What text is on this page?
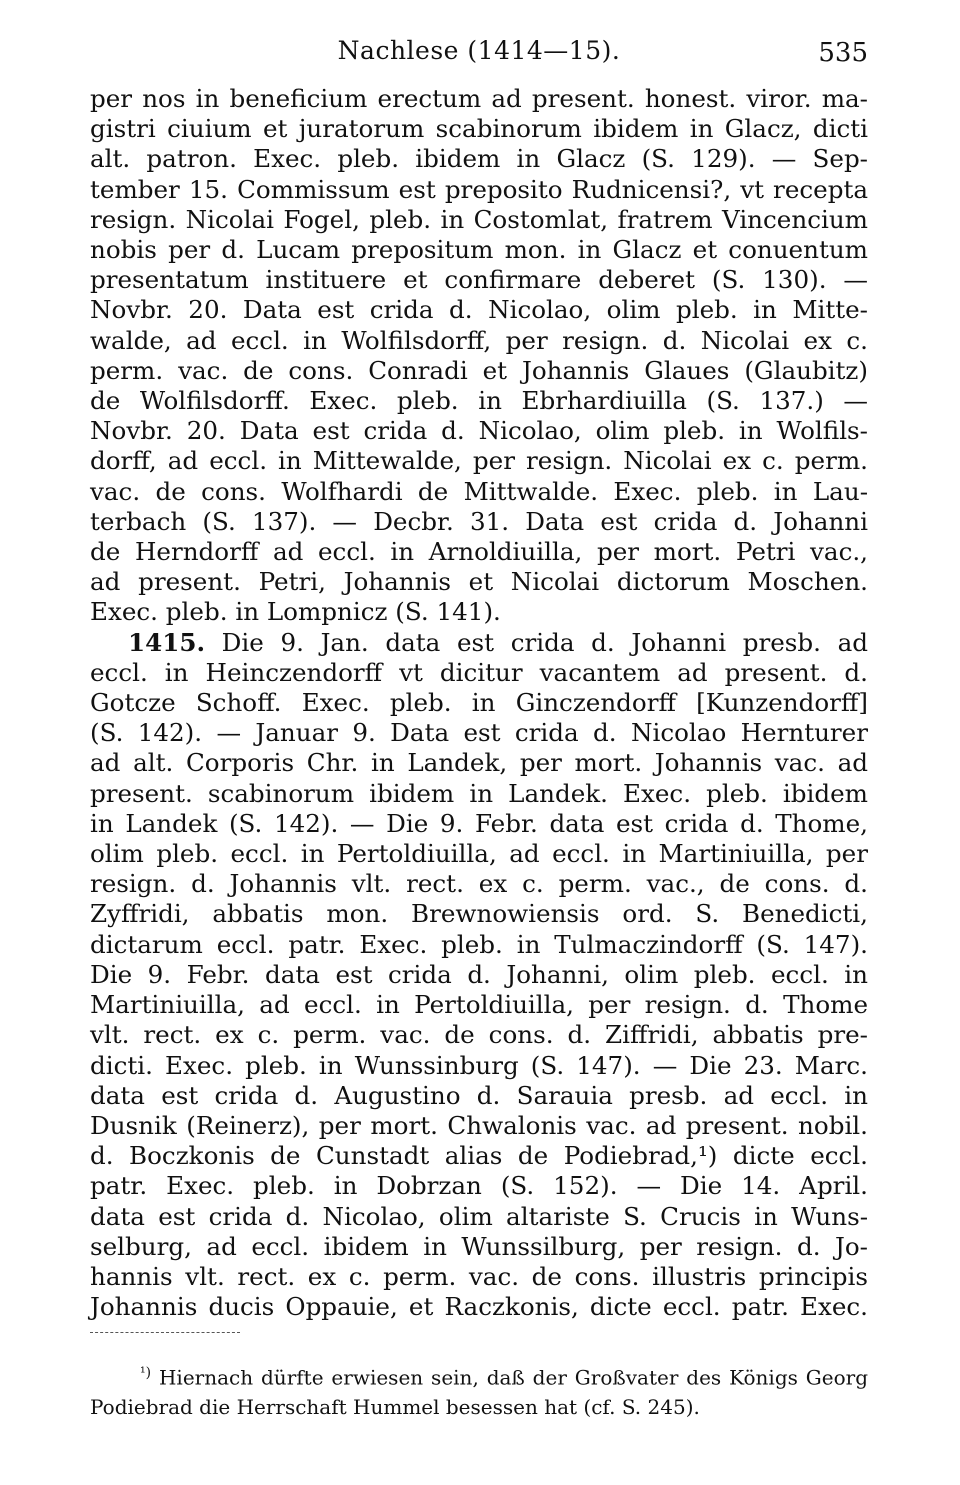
Nachlese (1414—15).	535
per nos in beneficium erectum ad present. honest. viror. ma-
gistri ciuium et juratorum scabinorum ibidem in Glacz, dicti
alt. patron. Exec. pleb. ibidem in Glacz (S. 129). — Sep-
tember 15. Commissum est preposito Rudnicensi?, vt recepta
resign. Nicolai Fogel, pleb. in Costomlat, fratrem Vincencium
nobis per d. Lucam prepositum mon. in Glacz et conuentum
presentatum instituere et confirmare deberet (S. 130). —
Novbr. 20. Data est crida d. Nicolao, olim pleb. in Mitte-
walde, ad eccl. in Wolfilsdorff, per resign. d. Nicolai ex c.
perm. vac. de cons. Conradi et Johannis Glaues (Glaubitz)
de Wolfilsdorff. Exec. pleb. in Ebrhardiuilla (S. 137.) —
Novbr. 20. Data est crida d. Nicolao, olim pleb. in Wolfils-
dorff, ad eccl. in Mittewalde, per resign. Nicolai ex c. perm.
vac. de cons. Wolfhardi de Mittwalde. Exec. pleb. in Lau-
terbach (S. 137). — Decbr. 31. Data est crida d. Johanni
de Herndorff ad eccl. in Arnoldiuilla, per mort. Petri vac.,
ad present. Petri, Johannis et Nicolai dictorum Moschen.
Exec. pleb. in Lompnicz (S. 141).
1415. Die 9. Jan. data est crida d. Johanni presb. ad
eccl. in Heinczendorff vt dicitur vacantem ad present. d.
Gotcze Schoff. Exec. pleb. in Ginczendorff [Kunzendorff]
(S. 142). — Januar 9. Data est crida d. Nicolao Hernturer
ad alt. Corporis Chr. in Landek, per mort. Johannis vac. ad
present. scabinorum ibidem in Landek. Exec. pleb. ibidem
in Landek (S. 142). — Die 9. Febr. data est crida d. Thome,
olim pleb. eccl. in Pertoldiuilla, ad eccl. in Martiniuilla, per
resign. d. Johannis vlt. rect. ex c. perm. vac., de cons. d.
Zyffridi, abbatis mon. Brewnowiensis ord. S. Benedicti,
dictarum eccl. patr. Exec. pleb. in Tulmaczindorff (S. 147).
Die 9. Febr. data est crida d. Johanni, olim pleb. eccl. in
Martiniuilla, ad eccl. in Pertoldiuilla, per resign. d. Thome
vlt. rect. ex c. perm. vac. de cons. d. Ziffridi, abbatis pre-
dicti. Exec. pleb. in Wunssinburg (S. 147). — Die 23. Marc.
data est crida d. Augustino d. Sarauia presb. ad eccl. in
Dusnik (Reinerz), per mort. Chwalonis vac. ad present. nobil.
d. Boczkonis de Cunstadt alias de Podiebrad,¹) dicte eccl.
patr. Exec. pleb. in Dobrzan (S. 152). — Die 14. April.
data est crida d. Nicolao, olim altariste S. Crucis in Wuns-
selburg, ad eccl. ibidem in Wunssilburg, per resign. d. Jo-
hannis vlt. rect. ex c. perm. vac. de cons. illustris principis
Johannis ducis Oppauie, et Raczkonis, dicte eccl. patr. Exec.
$^{^1)}$ Hiernach dürfte erwiesen sein, daß der Großvater des Königs Georg
Podiebrad die Herrschaft Hummel besessen hat (cf. S. 245).
